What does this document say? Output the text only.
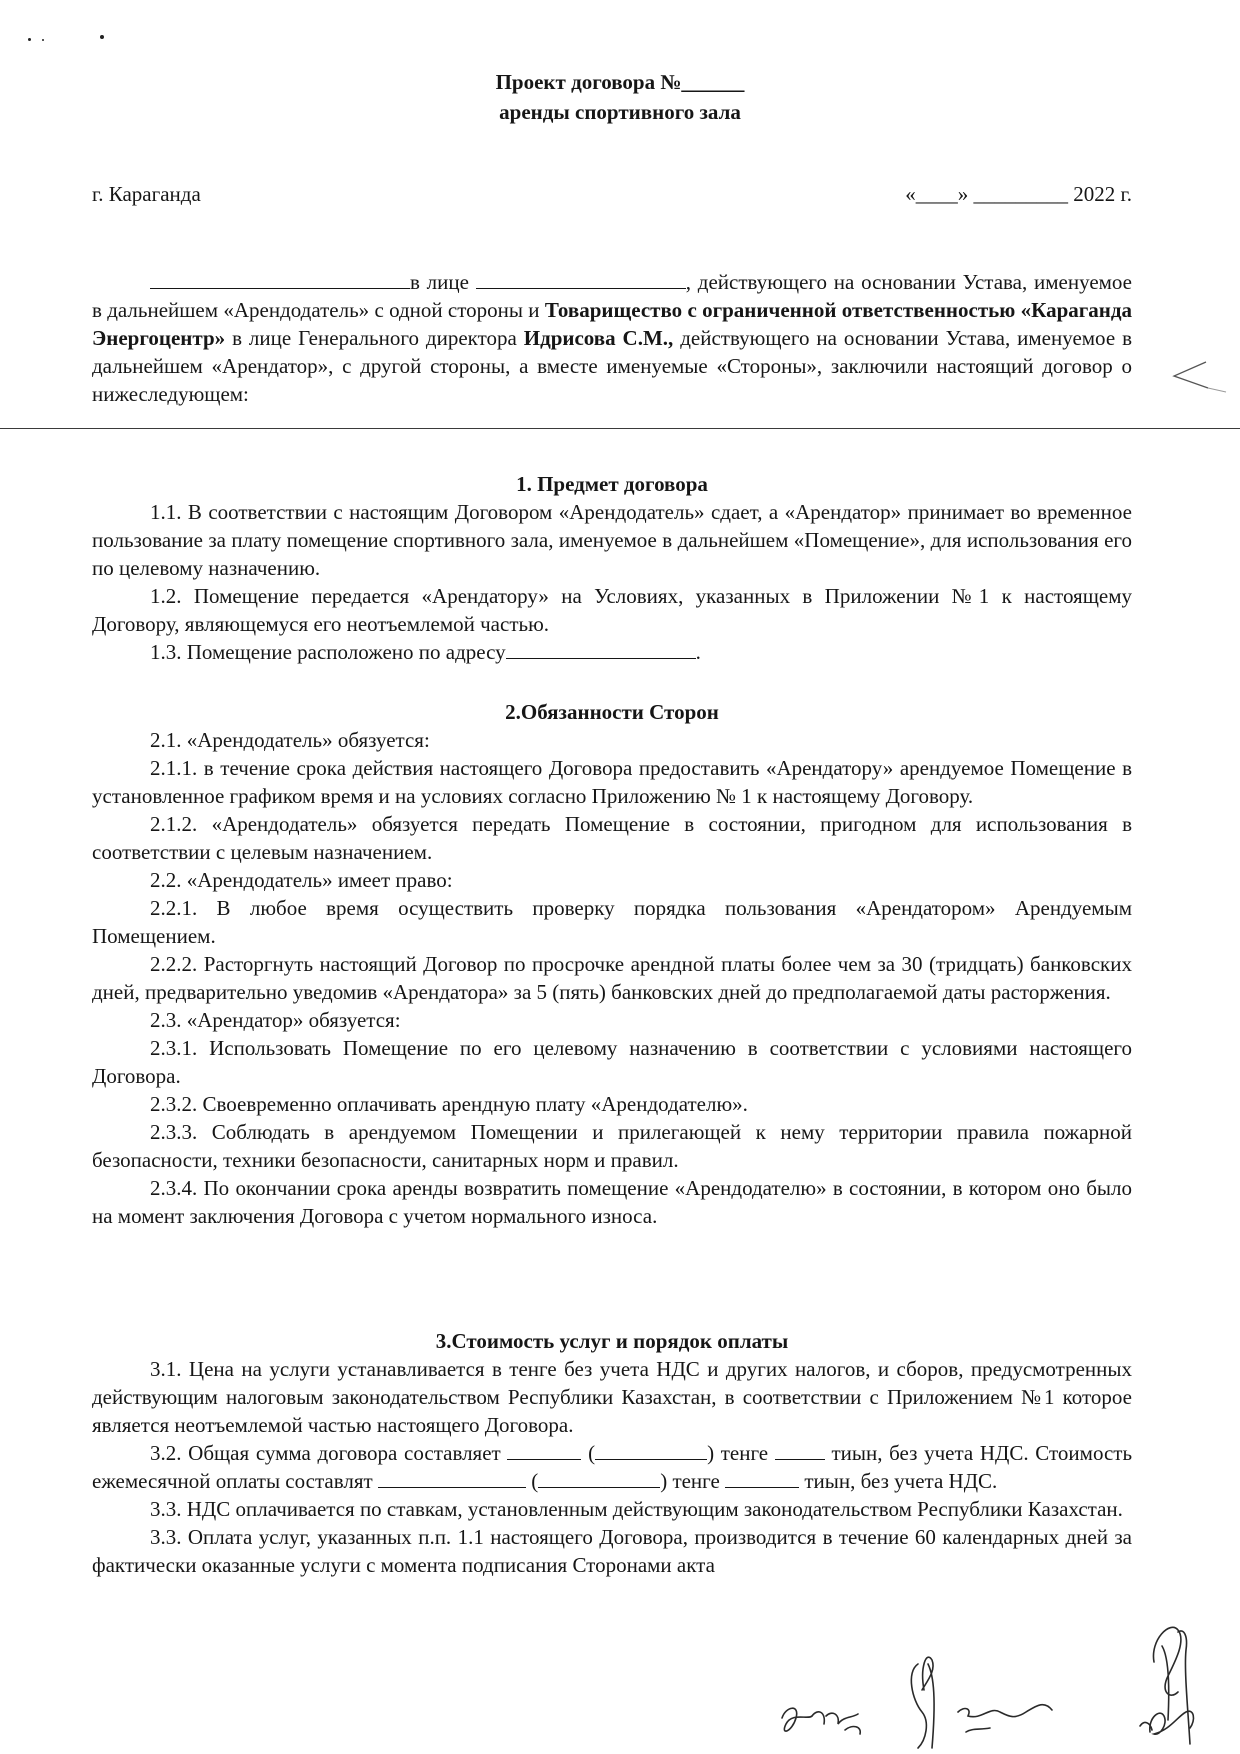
Проект договора №______
аренды спортивного зала
г. Караганда	«____» _________ 2022 г.

в лице	, действующего на основании Устава, именуемое в дальнейшем «Арендодатель» с одной стороны и Товарищество с ограниченной ответственностью «Караганда Энергоцентр» в лице Генерального директора Идрисова С.М., действующего на основании Устава, именуемое в дальнейшем «Арендатор», с другой стороны, а вместе именуемые «Стороны», заключили настоящий договор о нижеследующем:

1. Предмет договора

1.1. В соответствии с настоящим Договором «Арендодатель» сдает, а «Арендатор» принимает во временное пользование за плату помещение спортивного зала, именуемое в дальнейшем «Помещение», для использования его по целевому назначению.

1.2. Помещение передается «Арендатору» на Условиях, указанных в Приложении №1 к настоящему Договору, являющемуся его неотъемлемой частью.

1.3. Помещение расположено по адресу	.

2.Обязанности Сторон

2.1. «Арендодатель» обязуется:

2.1.1. в течение срока действия настоящего Договора предоставить «Арендатору» арендуемое Помещение в установленное графиком время и на условиях согласно Приложению № 1 к настоящему Договору.

2.1.2. «Арендодатель» обязуется передать Помещение в состоянии, пригодном для использования в соответствии с целевым назначением.

2.2. «Арендодатель» имеет право:

2.2.1. В любое время осуществить проверку порядка пользования «Арендатором» Арендуемым Помещением.

2.2.2. Расторгнуть настоящий Договор по просрочке арендной платы более чем за 30 (тридцать) банковских дней, предварительно уведомив «Арендатора» за 5 (пять) банковских дней до предполагаемой даты расторжения.

2.3. «Арендатор» обязуется:

2.3.1. Использовать Помещение по его целевому назначению в соответствии с условиями настоящего Договора.

2.3.2. Своевременно оплачивать арендную плату «Арендодателю».

2.3.3. Соблюдать в арендуемом Помещении и прилегающей к нему территории правила пожарной безопасности, техники безопасности, санитарных норм и правил.

2.3.4. По окончании срока аренды возвратить помещение «Арендодателю» в состоянии, в котором оно было на момент заключения Договора с учетом нормального износа.

3.Стоимость услуг и порядок оплаты

3.1. Цена на услуги устанавливается в тенге без учета НДС и других налогов, и сборов, предусмотренных действующим налоговым законодательством Республики Казахстан, в соответствии с Приложением №1 которое является неотъемлемой частью настоящего Договора.

3.2. Общая сумма договора составляет	(	) тенге	тиын, без учета НДС. Стоимость ежемесячной оплаты составлят	(	) тенге	тиын, без учета НДС.

3.3. НДС оплачивается по ставкам, установленным действующим законодательством Республики Казахстан.

3.3. Оплата услуг, указанных п.п. 1.1 настоящего Договора, производится в течение 60 календарных дней за фактически оказанные услуги с момента подписания Сторонами акта
